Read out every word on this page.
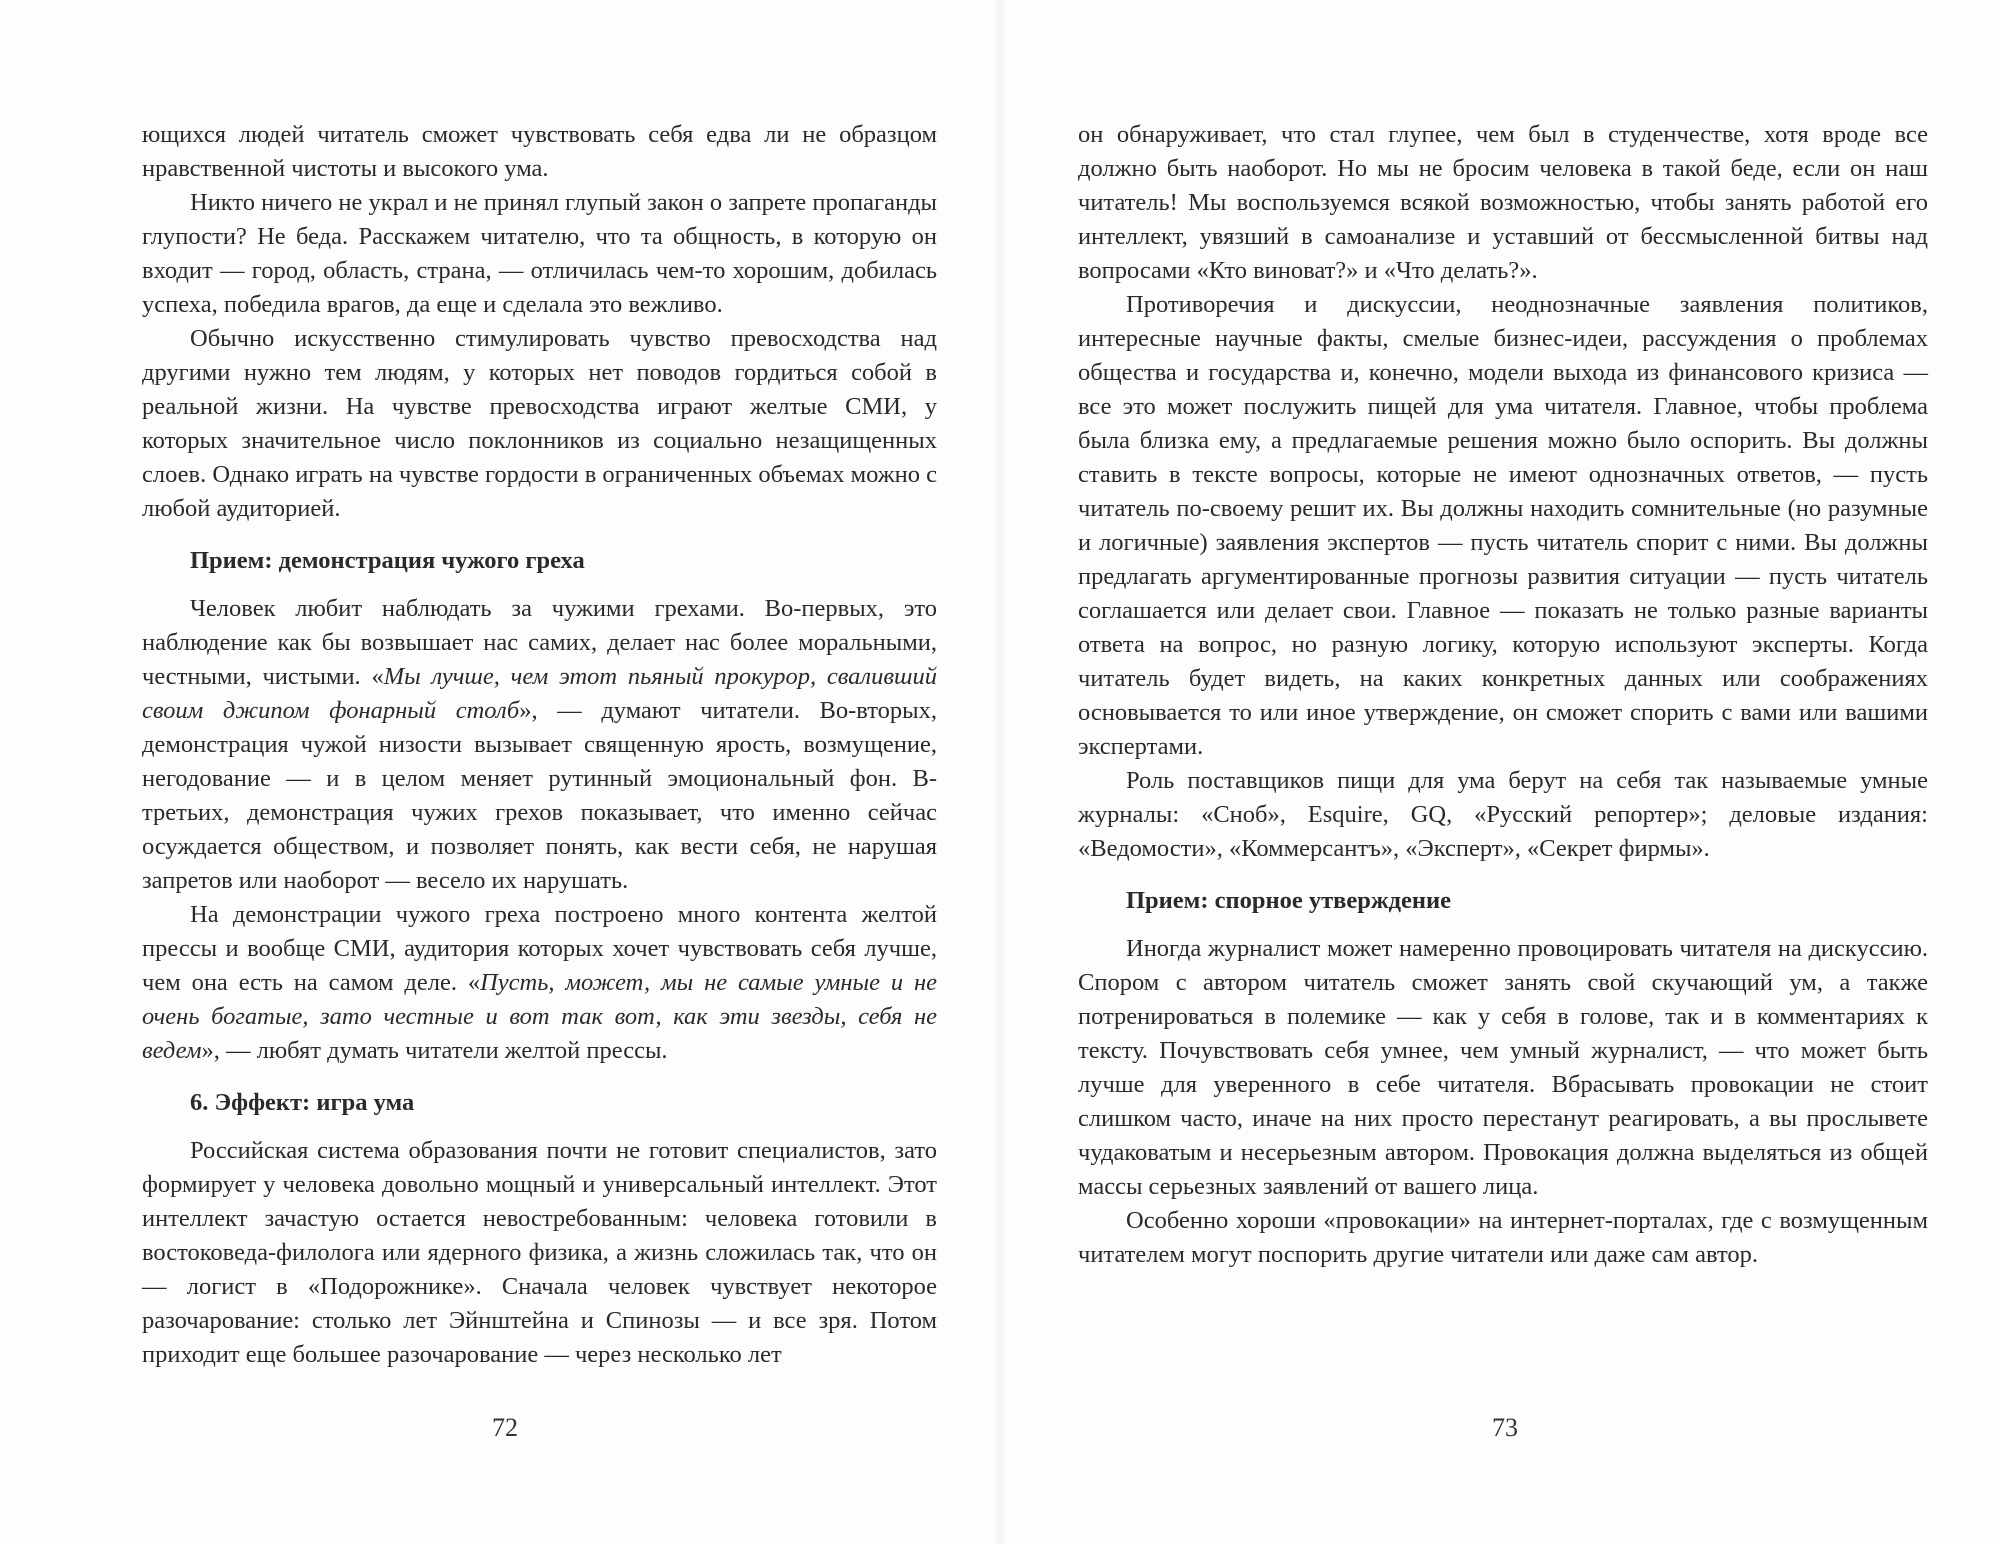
ющихся людей читатель сможет чувствовать себя едва ли не образцом нравственной чистоты и высокого ума.

Никто ничего не украл и не принял глупый закон о запрете пропаганды глупости? Не беда. Расскажем читателю, что та общность, в которую он входит — город, область, страна, — отличилась чем-то хорошим, добилась успеха, победила врагов, да еще и сделала это вежливо.

Обычно искусственно стимулировать чувство превосходства над другими нужно тем людям, у которых нет поводов гордиться собой в реальной жизни. На чувстве превосходства играют желтые СМИ, у которых значительное число поклонников из социально незащищенных слоев. Однако играть на чувстве гордости в ограниченных объемах можно с любой аудиторией.

Прием: демонстрация чужого греха

Человек любит наблюдать за чужими грехами. Во-первых, это наблюдение как бы возвышает нас самих, делает нас более моральными, честными, чистыми. «Мы лучше, чем этот пьяный прокурор, сваливший своим джипом фонарный столб», — думают читатели. Во-вторых, демонстрация чужой низости вызывает священную ярость, возмущение, негодование — и в целом меняет рутинный эмоциональный фон. В-третьих, демонстрация чужих грехов показывает, что именно сейчас осуждается обществом, и позволяет понять, как вести себя, не нарушая запретов или наоборот — весело их нарушать.

На демонстрации чужого греха построено много контента желтой прессы и вообще СМИ, аудитория которых хочет чувствовать себя лучше, чем она есть на самом деле. «Пусть, может, мы не самые умные и не очень богатые, зато честные и вот так вот, как эти звезды, себя не ведем», — любят думать читатели желтой прессы.

6. Эффект: игра ума

Российская система образования почти не готовит специалистов, зато формирует у человека довольно мощный и универсальный интеллект. Этот интеллект зачастую остается невостребованным: человека готовили в востоковеда-филолога или ядерного физика, а жизнь сложилась так, что он — логист в «Подорожнике». Сначала человек чувствует некоторое разочарование: столько лет Эйнштейна и Спинозы — и все зря. Потом приходит еще большее разочарование — через несколько лет

72

он обнаруживает, что стал глупее, чем был в студенчестве, хотя вроде все должно быть наоборот. Но мы не бросим человека в такой беде, если он наш читатель! Мы воспользуемся всякой возможностью, чтобы занять работой его интеллект, увязший в самоанализе и уставший от бессмысленной битвы над вопросами «Кто виноват?» и «Что делать?».

Противоречия и дискуссии, неоднозначные заявления политиков, интересные научные факты, смелые бизнес-идеи, рассуждения о проблемах общества и государства и, конечно, модели выхода из финансового кризиса — все это может послужить пищей для ума читателя. Главное, чтобы проблема была близка ему, а предлагаемые решения можно было оспорить. Вы должны ставить в тексте вопросы, которые не имеют однозначных ответов, — пусть читатель по-своему решит их. Вы должны находить сомнительные (но разумные и логичные) заявления экспертов — пусть читатель спорит с ними. Вы должны предлагать аргументированные прогнозы развития ситуации — пусть читатель соглашается или делает свои. Главное — показать не только разные варианты ответа на вопрос, но разную логику, которую используют эксперты. Когда читатель будет видеть, на каких конкретных данных или соображениях основывается то или иное утверждение, он сможет спорить с вами или вашими экспертами.

Роль поставщиков пищи для ума берут на себя так называемые умные журналы: «Сноб», Esquire, GQ, «Русский репортер»; деловые издания: «Ведомости», «Коммерсантъ», «Эксперт», «Секрет фирмы».

Прием: спорное утверждение

Иногда журналист может намеренно провоцировать читателя на дискуссию. Спором с автором читатель сможет занять свой скучающий ум, а также потренироваться в полемике — как у себя в голове, так и в комментариях к тексту. Почувствовать себя умнее, чем умный журналист, — что может быть лучше для уверенного в себе читателя. Вбрасывать провокации не стоит слишком часто, иначе на них просто перестанут реагировать, а вы прослывете чудаковатым и несерьезным автором. Провокация должна выделяться из общей массы серьезных заявлений от вашего лица.

Особенно хороши «провокации» на интернет-порталах, где с возмущенным читателем могут поспорить другие читатели или даже сам автор.

73
